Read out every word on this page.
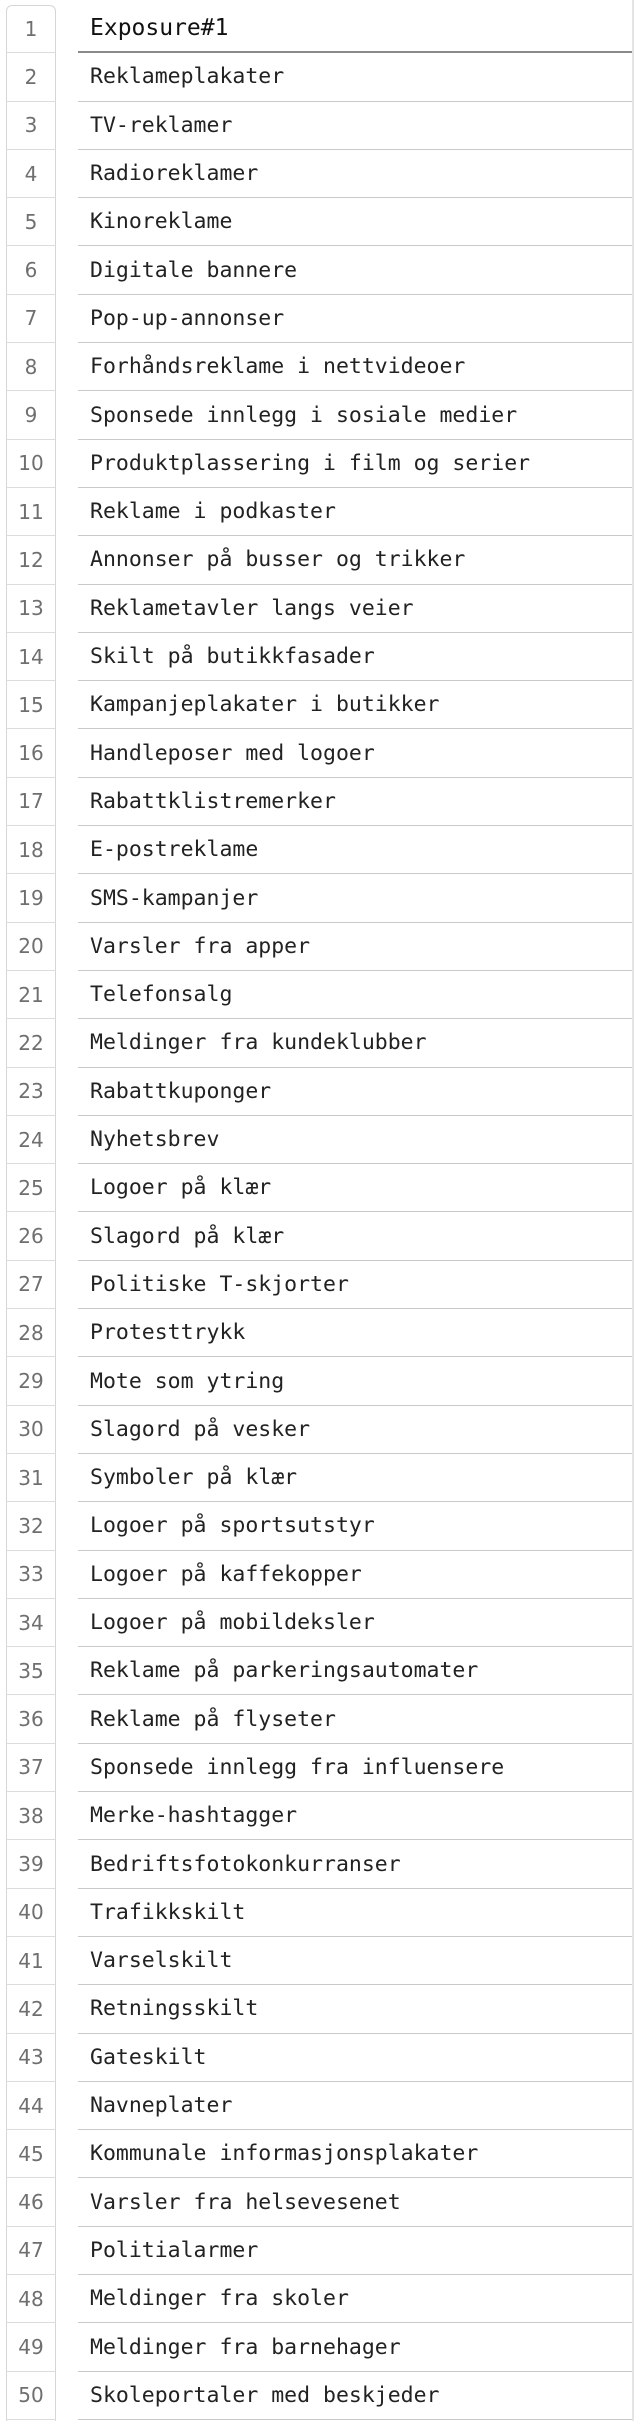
1	Exposure#1
2	Reklameplakater
3	TV-reklamer
4	Radioreklamer
5	Kinoreklame
6	Digitale bannere
7	Pop-up-annonser
8	Forhåndsreklame i nettvideoer
9	Sponsede innlegg i sosiale medier
10	Produktplassering i film og serier
11	Reklame i podkaster
12	Annonser på busser og trikker
13	Reklametavler langs veier
14	Skilt på butikkfasader
15	Kampanjeplakater i butikker
16	Handleposer med logoer
17	Rabattklistremerker
18	E-postreklame
19	SMS-kampanjer
20	Varsler fra apper
21	Telefonsalg
22	Meldinger fra kundeklubber
23	Rabattkuponger
24	Nyhetsbrev
25	Logoer på klær
26	Slagord på klær
27	Politiske T-skjorter
28	Protesttrykk
29	Mote som ytring
30	Slagord på vesker
31	Symboler på klær
32	Logoer på sportsutstyr
33	Logoer på kaffekopper
34	Logoer på mobildeksler
35	Reklame på parkeringsautomater
36	Reklame på flyseter
37	Sponsede innlegg fra influensere
38	Merke-hashtagger
39	Bedriftsfotokonkurranser
40	Trafikkskilt
41	Varselskilt
42	Retningsskilt
43	Gateskilt
44	Navneplater
45	Kommunale informasjonsplakater
46	Varsler fra helsevesenet
47	Politialarmer
48	Meldinger fra skoler
49	Meldinger fra barnehager
50	Skoleportaler med beskjeder
